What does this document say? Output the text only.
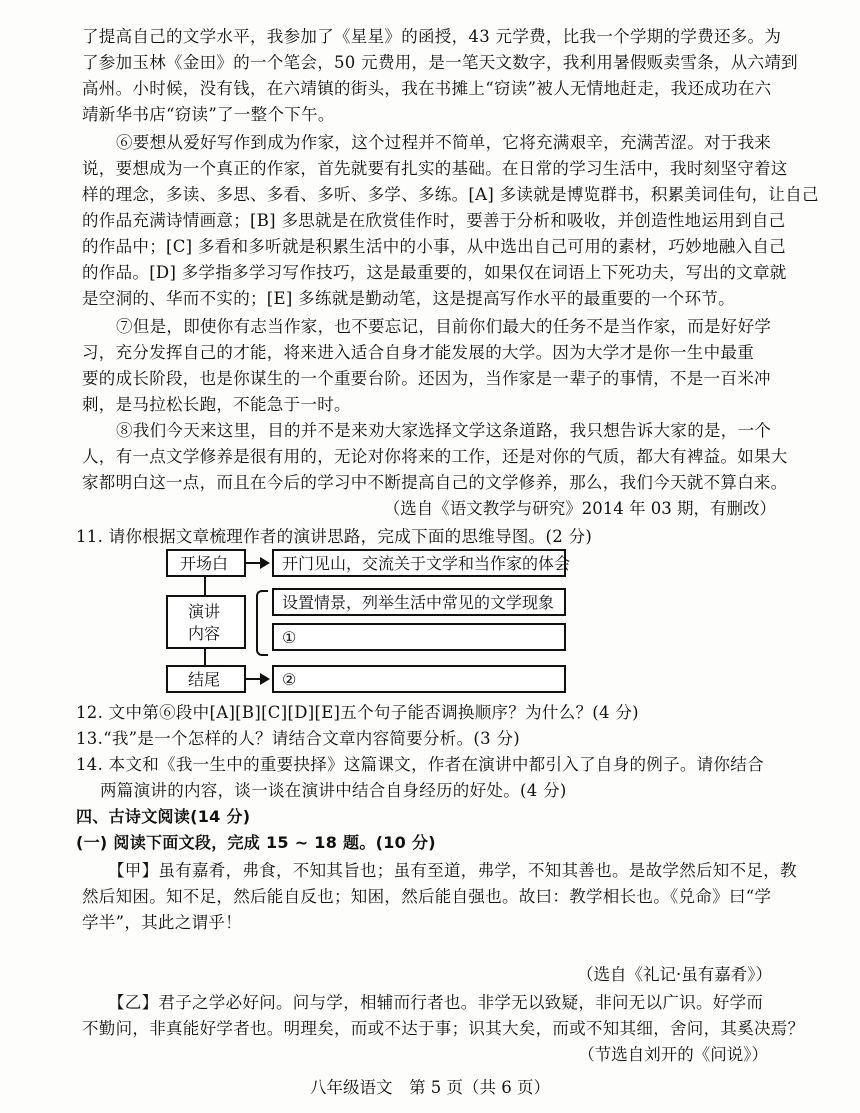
了提高自己的文学水平，我参加了《星星》的函授，43 元学费，比我一个学期的学费还多。为
了参加玉林《金田》的一个笔会，50 元费用，是一笔天文数字，我利用暑假贩卖雪条，从六靖到
高州。小时候，没有钱，在六靖镇的街头，我在书摊上“窃读”被人无情地赶走，我还成功在六
靖新华书店“窃读”了一整个下午。
⑥要想从爱好写作到成为作家，这个过程并不简单，它将充满艰辛，充满苦涩。对于我来
说，要想成为一个真正的作家，首先就要有扎实的基础。在日常的学习生活中，我时刻坚守着这
样的理念，多读、多思、多看、多听、多学、多练。[A] 多读就是博览群书，积累美词佳句，让自己
的作品充满诗情画意；[B] 多思就是在欣赏佳作时，要善于分析和吸收，并创造性地运用到自己
的作品中；[C] 多看和多听就是积累生活中的小事，从中选出自己可用的素材，巧妙地融入自己
的作品。[D] 多学指多学习写作技巧，这是最重要的，如果仅在词语上下死功夫，写出的文章就
是空洞的、华而不实的；[E] 多练就是勤动笔，这是提高写作水平的最重要的一个环节。
⑦但是，即使你有志当作家，也不要忘记，目前你们最大的任务不是当作家，而是好好学
习，充分发挥自己的才能，将来进入适合自身才能发展的大学。因为大学才是你一生中最重
要的成长阶段，也是你谋生的一个重要台阶。还因为，当作家是一辈子的事情，不是一百米冲
刺，是马拉松长跑，不能急于一时。
⑧我们今天来这里，目的并不是来劝大家选择文学这条道路，我只想告诉大家的是，一个
人，有一点文学修养是很有用的，无论对你将来的工作，还是对你的气质，都大有裨益。如果大
家都明白这一点，而且在今后的学习中不断提高自己的文学修养，那么，我们今天就不算白来。
（选自《语文教学与研究》2014 年 03 期，有删改）
11. 请你根据文章梳理作者的演讲思路，完成下面的思维导图。(2 分)
开场白	开门见山，交流关于文学和当作家的体会
演讲
内容
设置情景，列举生活中常见的文学现象
①
结尾	②
12. 文中第⑥段中[A][B][C][D][E]五个句子能否调换顺序？为什么？(4 分)
13.“我”是一个怎样的人？请结合文章内容简要分析。(3 分)
14. 本文和《我一生中的重要抉择》这篇课文，作者在演讲中都引入了自身的例子。请你结合
两篇演讲的内容，谈一谈在演讲中结合自身经历的好处。(4 分)
四、古诗文阅读(14 分)
(一) 阅读下面文段，完成 15 ~ 18 题。(10 分)
【甲】虽有嘉肴，弗食，不知其旨也；虽有至道，弗学，不知其善也。是故学然后知不足，教
然后知困。知不足，然后能自反也；知困，然后能自强也。故曰：教学相长也。《兑命》曰“学
学半”，其此之谓乎！
（选自《礼记·虽有嘉肴》）
【乙】君子之学必好问。问与学，相辅而行者也。非学无以致疑，非问无以广识。好学而
不勤问，非真能好学者也。明理矣，而或不达于事；识其大矣，而或不知其细，舍问，其奚决焉？
（节选自刘开的《问说》）
八年级语文　第 5 页（共 6 页）
